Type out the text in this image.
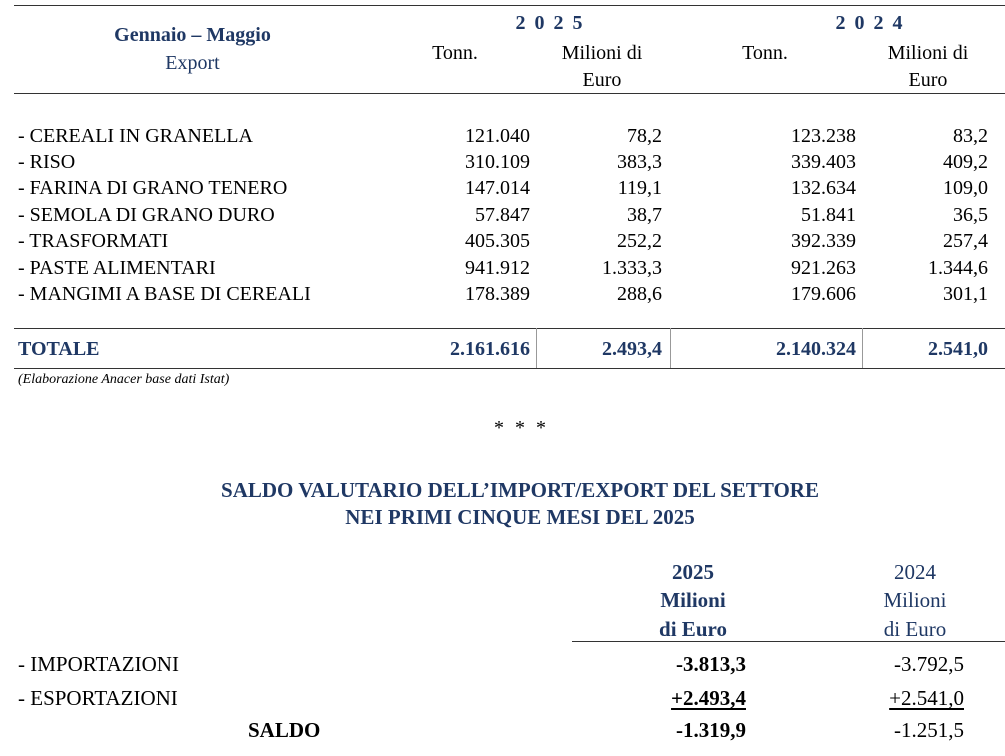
Gennaio – Maggio
Export
2 0 2 5	2 0 2 4
Tonn.	Milioni di
Euro
Tonn.	Milioni di
Euro
- CEREALI IN GRANELLA	121.040	78,2	123.238	83,2
- RISO	310.109	383,3	339.403	409,2
- FARINA DI GRANO TENERO	147.014	119,1	132.634	109,0
- SEMOLA DI GRANO DURO	57.847	38,7	51.841	36,5
- TRASFORMATI	405.305	252,2	392.339	257,4
- PASTE ALIMENTARI	941.912	1.333,3	921.263	1.344,6
- MANGIMI A BASE DI CEREALI	178.389	288,6	179.606	301,1
TOTALE	2.161.616	2.493,4	2.140.324	2.541,0
(Elaborazione Anacer base dati Istat)
* * *
SALDO VALUTARIO DELL’IMPORT/EXPORT DEL SETTORE
NEI PRIMI CINQUE MESI DEL 2025
2025
Milioni
di Euro
2024
Milioni
di Euro
- IMPORTAZIONI	-3.813,3	-3.792,5
- ESPORTAZIONI	+2.493,4	+2.541,0
SALDO	-1.319,9	-1.251,5
